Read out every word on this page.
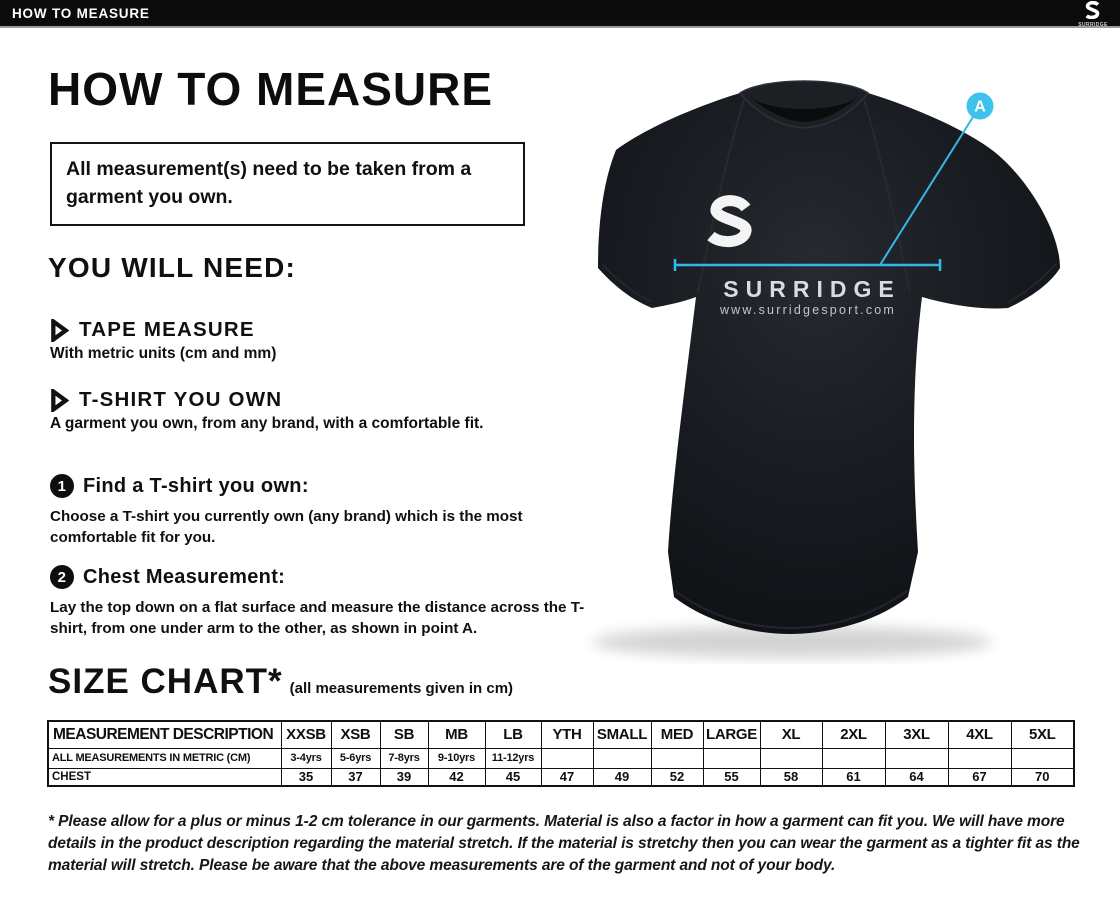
HOW TO MEASURE
SURRIDGE
HOW TO MEASURE
All measurement(s) need to be taken from a garment you own.
YOU WILL NEED:
TAPE MEASURE
With metric units (cm and mm)
T-SHIRT YOU OWN
A garment you own, from any brand, with a comfortable fit.
1 Find a T-shirt you own:
Choose a T-shirt you currently own (any brand) which is the most comfortable fit for you.
2 Chest Measurement:
Lay the top down on a flat surface and measure the distance across the T-shirt, from one under arm to the other, as shown in point A.
SIZE CHART* (all measurements given in cm)
MEASUREMENT DESCRIPTION	XXSB	XSB	SB	MB	LB	YTH	SMALL	MED	LARGE	XL	2XL	3XL	4XL	5XL
ALL MEASUREMENTS IN METRIC (CM)	3-4yrs	5-6yrs	7-8yrs	9-10yrs	11-12yrs									
CHEST	35	37	39	42	45	47	49	52	55	58	61	64	67	70

* Please allow for a plus or minus 1-2 cm tolerance in our garments. Material is also a factor in how a garment can fit you. We will have more details in the product description regarding the material stretch. If the material is stretchy then you can wear the garment as a tighter fit as the material will stretch. Please be aware that the above measurements are of the garment and not of your body.

SURRIDGE
www.surridgesport.com
A
